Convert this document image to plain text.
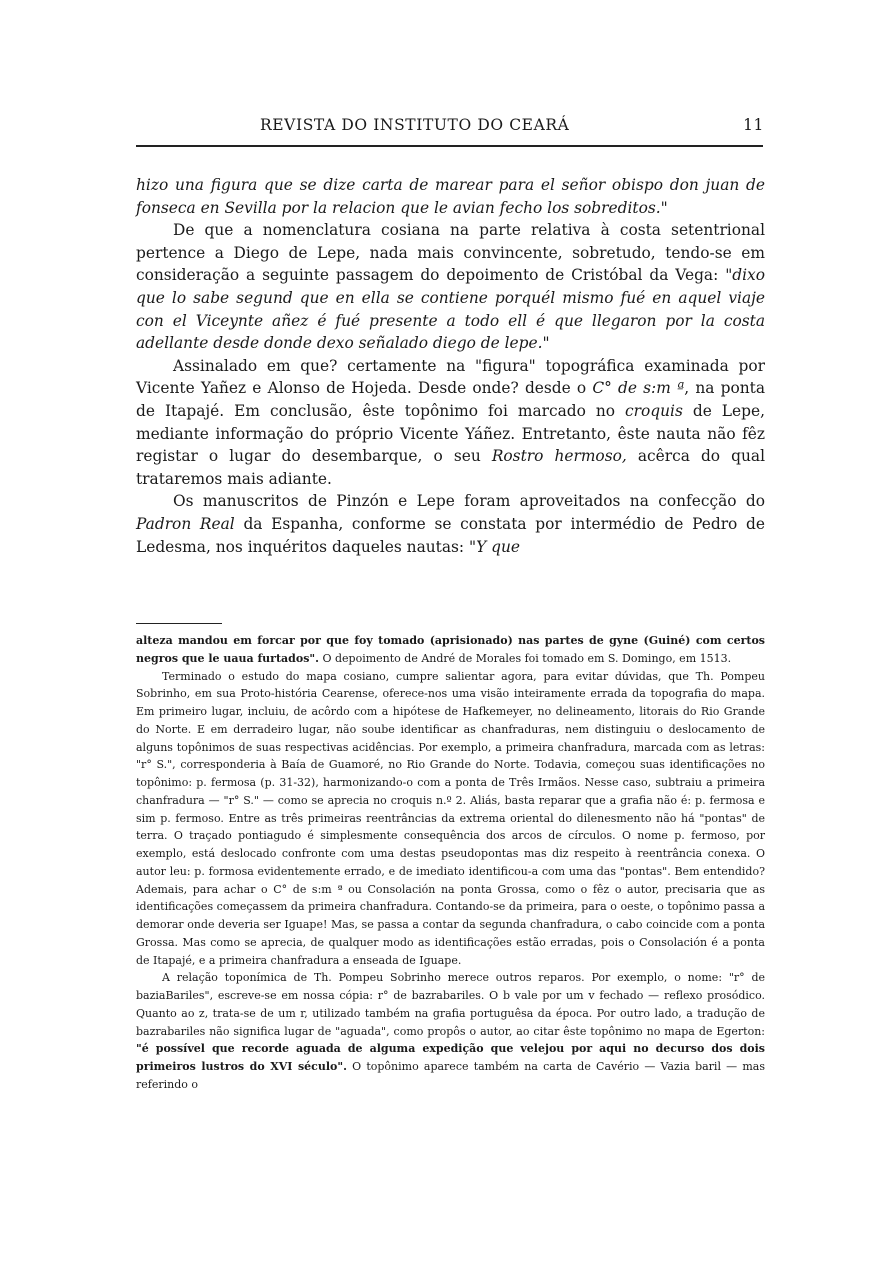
REVISTA DO INSTITUTO DO CEARÁ	11

hizo una figura que se dize carta de marear para el señor obispo don juan de fonseca en Sevilla por la relacion que le avian fecho los sobreditos."

De que a nomenclatura cosiana na parte relativa à costa setentrional pertence a Diego de Lepe, nada mais convincente, sobretudo, tendo-se em consideração a seguinte passagem do depoimento de Cristóbal da Vega: "dixo que lo sabe segund que en ella se contiene porquél mismo fué en aquel viaje con el Viceynte añez é fué presente a todo ell é que llegaron por la costa adellante desde donde dexo señalado diego de lepe."

Assinalado em que? certamente na "figura" topográfica examinada por Vicente Yañez e Alonso de Hojeda. Desde onde? desde o C° de s:m ª, na ponta de Itapajé. Em conclusão, êste topônimo foi marcado no croquis de Lepe, mediante informação do próprio Vicente Yáñez. Entretanto, êste nauta não fêz registar o lugar do desembarque, o seu Rostro hermoso, acêrca do qual trataremos mais adiante.

Os manuscritos de Pinzón e Lepe foram aproveitados na confecção do Padron Real da Espanha, conforme se constata por intermédio de Pedro de Ledesma, nos inquéritos daqueles nautas: "Y que

alteza mandou em forcar por que foy tomado (aprisionado) nas partes de gyne (Guiné) com certos negros que le uaua furtados". O depoimento de André de Morales foi tomado em S. Domingo, em 1513.

Terminado o estudo do mapa cosiano, cumpre salientar agora, para evitar dúvidas, que Th. Pompeu Sobrinho, em sua Proto-história Cearense, oferece-nos uma visão inteiramente errada da topografia do mapa. Em primeiro lugar, incluiu, de acôrdo com a hipótese de Hafkemeyer, no delineamento, litorais do Rio Grande do Norte. E em derradeiro lugar, não soube identificar as chanfraduras, nem distinguiu o deslocamento de alguns topônimos de suas respectivas acidências. Por exemplo, a primeira chanfradura, marcada com as letras: "r° S.", corresponderia à Baía de Guamoré, no Rio Grande do Norte. Todavia, começou suas identificações no topônimo: p. fermosa (p. 31-32), harmonizando-o com a ponta de Três Irmãos. Nesse caso, subtraiu a primeira chanfradura — "r° S." — como se aprecia no croquis n.º 2. Aliás, basta reparar que a grafia não é: p. fermosa e sim p. fermoso. Entre as três primeiras reentrâncias da extrema oriental do dilenesmento não há "pontas" de terra. O traçado pontiagudo é simplesmente consequência dos arcos de círculos. O nome p. fermoso, por exemplo, está deslocado confronte com uma destas pseudopontas mas diz respeito à reentrância conexa. O autor leu: p. formosa evidentemente errado, e de imediato identificou-a com uma das "pontas". Bem entendido? Ademais, para achar o C° de s:m ª ou Consolación na ponta Grossa, como o fêz o autor, precisaria que as identificações começassem da primeira chanfradura. Contando-se da primeira, para o oeste, o topônimo passa a demorar onde deveria ser Iguape! Mas, se passa a contar da segunda chanfradura, o cabo coincide com a ponta Grossa. Mas como se aprecia, de qualquer modo as identificações estão erradas, pois o Consolación é a ponta de Itapajé, e a primeira chanfradura a enseada de Iguape.

A relação toponímica de Th. Pompeu Sobrinho merece outros reparos. Por exemplo, o nome: "r° de baziaBariles", escreve-se em nossa cópia: r° de bazrabariles. O b vale por um v fechado — reflexo prosódico. Quanto ao z, trata-se de um r, utilizado também na grafia portuguêsa da época. Por outro lado, a tradução de bazrabariles não significa lugar de "aguada", como propôs o autor, ao citar êste topônimo no mapa de Egerton: "é possível que recorde aguada de alguma expedição que velejou por aqui no decurso dos dois primeiros lustros do XVI século". O topônimo aparece também na carta de Cavério — Vazia baril — mas referindo o
